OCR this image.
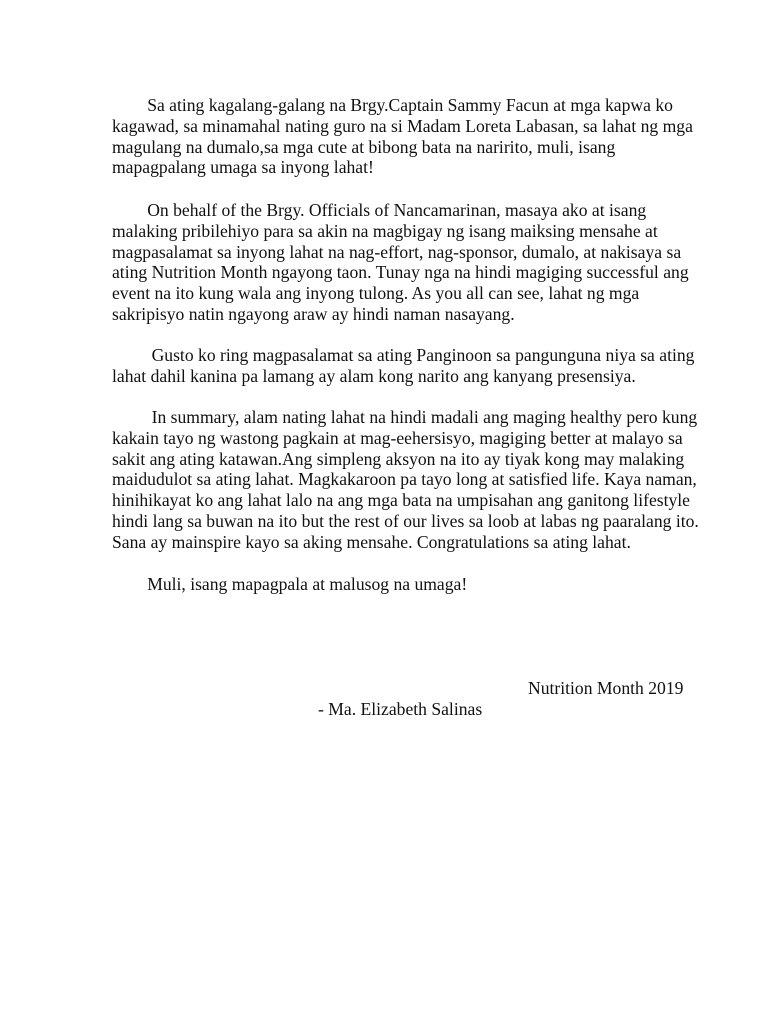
Sa ating kagalang-galang na Brgy.Captain Sammy Facun at mga kapwa ko
kagawad, sa minamahal nating guro na si Madam Loreta Labasan, sa lahat ng mga
magulang na dumalo,sa mga cute at bibong bata na naririto, muli, isang
mapagpalang umaga sa inyong lahat!

On behalf of the Brgy. Officials of Nancamarinan, masaya ako at isang
malaking pribilehiyo para sa akin na magbigay ng isang maiksing mensahe at
magpasalamat sa inyong lahat na nag-effort, nag-sponsor, dumalo, at nakisaya sa
ating Nutrition Month ngayong taon. Tunay nga na hindi magiging successful ang
event na ito kung wala ang inyong tulong. As you all can see, lahat ng mga
sakripisyo natin ngayong araw ay hindi naman nasayang.

Gusto ko ring magpasalamat sa ating Panginoon sa pangunguna niya sa ating
lahat dahil kanina pa lamang ay alam kong narito ang kanyang presensiya.

In summary, alam nating lahat na hindi madali ang maging healthy pero kung
kakain tayo ng wastong pagkain at mag-eehersisyo, magiging better at malayo sa
sakit ang ating katawan.Ang simpleng aksyon na ito ay tiyak kong may malaking
maidudulot sa ating lahat. Magkakaroon pa tayo long at satisfied life. Kaya naman,
hinihikayat ko ang lahat lalo na ang mga bata na umpisahan ang ganitong lifestyle
hindi lang sa buwan na ito but the rest of our lives sa loob at labas ng paaralang ito.
Sana ay mainspire kayo sa aking mensahe. Congratulations sa ating lahat.

Muli, isang mapagpala at malusog na umaga!

Nutrition Month 2019
- Ma. Elizabeth Salinas
